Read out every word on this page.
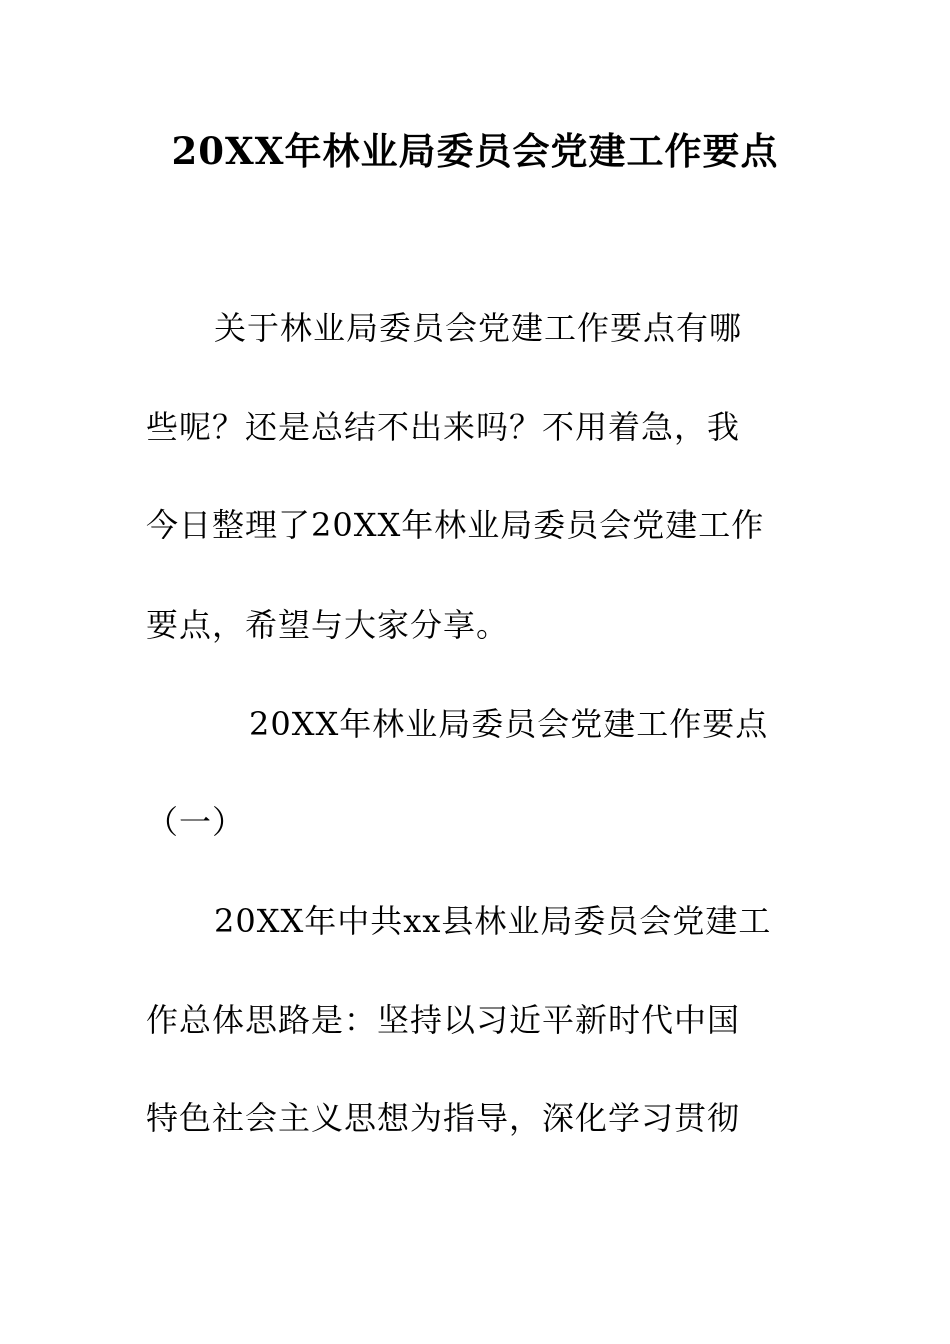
20XX年林业局委员会党建工作要点
关于林业局委员会党建工作要点有哪
些呢？还是总结不出来吗？不用着急，我
今日整理了20XX年林业局委员会党建工作
要点，希望与大家分享。
20XX年林业局委员会党建工作要点
（一）
20XX年中共xx县林业局委员会党建工
作总体思路是：坚持以习近平新时代中国
特色社会主义思想为指导，深化学习贯彻
